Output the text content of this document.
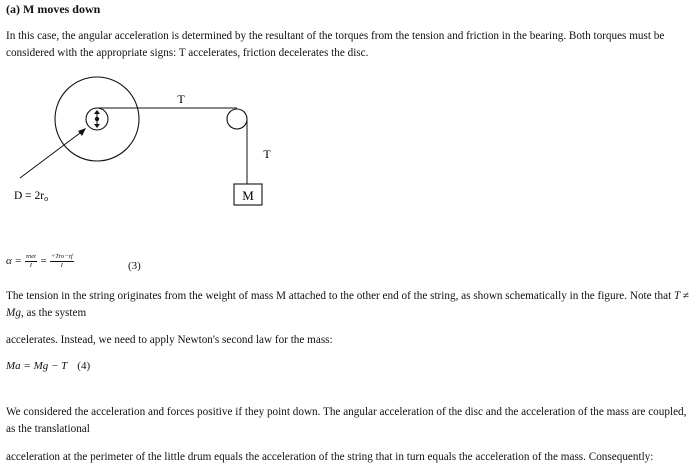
(a) M moves down
In this case, the angular acceleration is determined by the resultant of the torques from the tension and friction in the bearing. Both torques must be considered with the appropriate signs: T accelerates, friction decelerates the disc.
M
T
T
D = 2ro
$\alpha = \frac{\text{τnet}}{I} = \frac{\text{+Tro−τf}}{I}$	(3)
The tension in the string originates from the weight of mass M attached to the other end of the string, as shown schematically in the figure. Note that T ≠ Mg, as the system
accelerates. Instead, we need to apply Newton's second law for the mass:
Ma = Mg − T (4)
We considered the acceleration and forces positive if they point down. The angular acceleration of the disc and the acceleration of the mass are coupled, as the translational
acceleration at the perimeter of the little drum equals the acceleration of the string that in turn equals the acceleration of the mass. Consequently:
